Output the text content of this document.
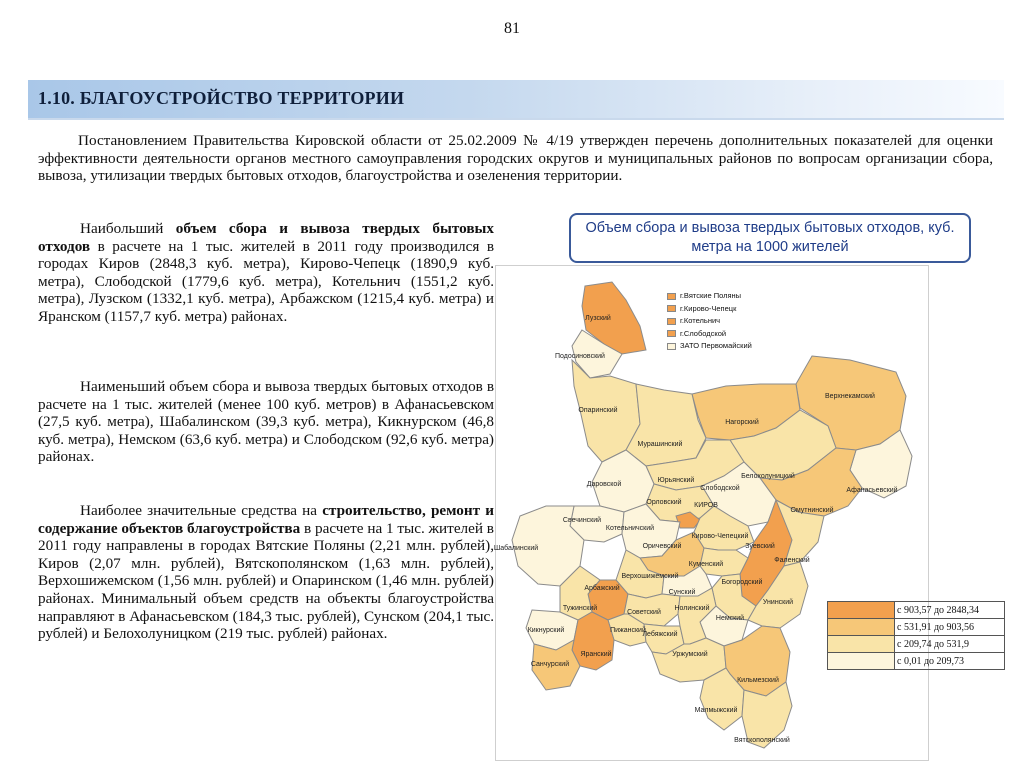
81
1.10. БЛАГОУСТРОЙСТВО ТЕРРИТОРИИ

Постановлением Правительства Кировской области от 25.02.2009 № 4/19 утвержден перечень дополнительных показателей для оценки эффективности деятельности органов местного самоуправления городских округов и муниципальных районов по вопросам организации сбора, вывоза, утилизации твердых бытовых отходов, благоустройства и озеленения территории.

Наибольший объем сбора и вывоза твердых бытовых отходов в расчете на 1 тыс. жителей в 2011 году производился в городах Киров (2848,3 куб. метра), Кирово-Чепецк (1890,9 куб. метра), Слободской (1779,6 куб. метра), Котельнич (1551,2 куб. метра), Лузском (1332,1 куб. метра), Арбажском (1215,4 куб. метра) и Яранском (1157,7 куб. метра) районах.

Наименьший объем сбора и вывоза твердых бытовых отходов в расчете на 1 тыс. жителей (менее 100 куб. метров) в Афанасьевском (27,5 куб. метра), Шабалинском (39,3 куб. метра), Кикнурском (46,8 куб. метра), Немском (63,6 куб. метра) и Слободском (92,6 куб. метра) районах.

Наиболее значительные средства на строительство, ремонт и содержание объектов благоустройства в расчете на 1 тыс. жителей в 2011 году направлены в городах Вятские Поляны (2,21 млн. рублей), Киров (2,07 млн. рублей), Вятскополянском (1,63 млн. рублей), Верхошижемском (1,56 млн. рублей) и Опаринском (1,46 млн. рублей) районах. Минимальный объем средств на объекты благоустройства направляют в Афанасьевском (184,3 тыс. рублей), Сунском (204,1 тыс. рублей) и Белохолуницком (219 тыс. рублей) районах.

Объем сбора и вывоза твердых бытовых отходов, куб. метра на 1000 жителей
Лузский
Подосиновский
Опаринский
Верхнекамский
Нагорский
Мурашинский
Белохолуницкий
Афанасьевский
Юрьянский
Омутнинский
Даровской
Слободской
Орловский КИРОВ
Свечинский
Шабалинский
Котельничский
Оричевский
Кирово-Чепецкий
Зуевский
Фаленский
Верхошижемский
Куменский
Богородский
Арбажский
Сунский
Унинский
Тужинский
Советский
Пижанский
Лебяжский
Немский
Нолинский
Кикнурский
Яранский	Уржумский
Санчурский
Кильмезский
Малмыжский
Вятскополянский
г.Вятские Поляны
г.Кирово-Чепецк
г.Котельнич
г.Слободской
ЗАТО Первомайский
	с 903,57 до 2848,34
	с 531,91 до 903,56
	с 209,74 до 531,9
	с 0,01 до 209,73
